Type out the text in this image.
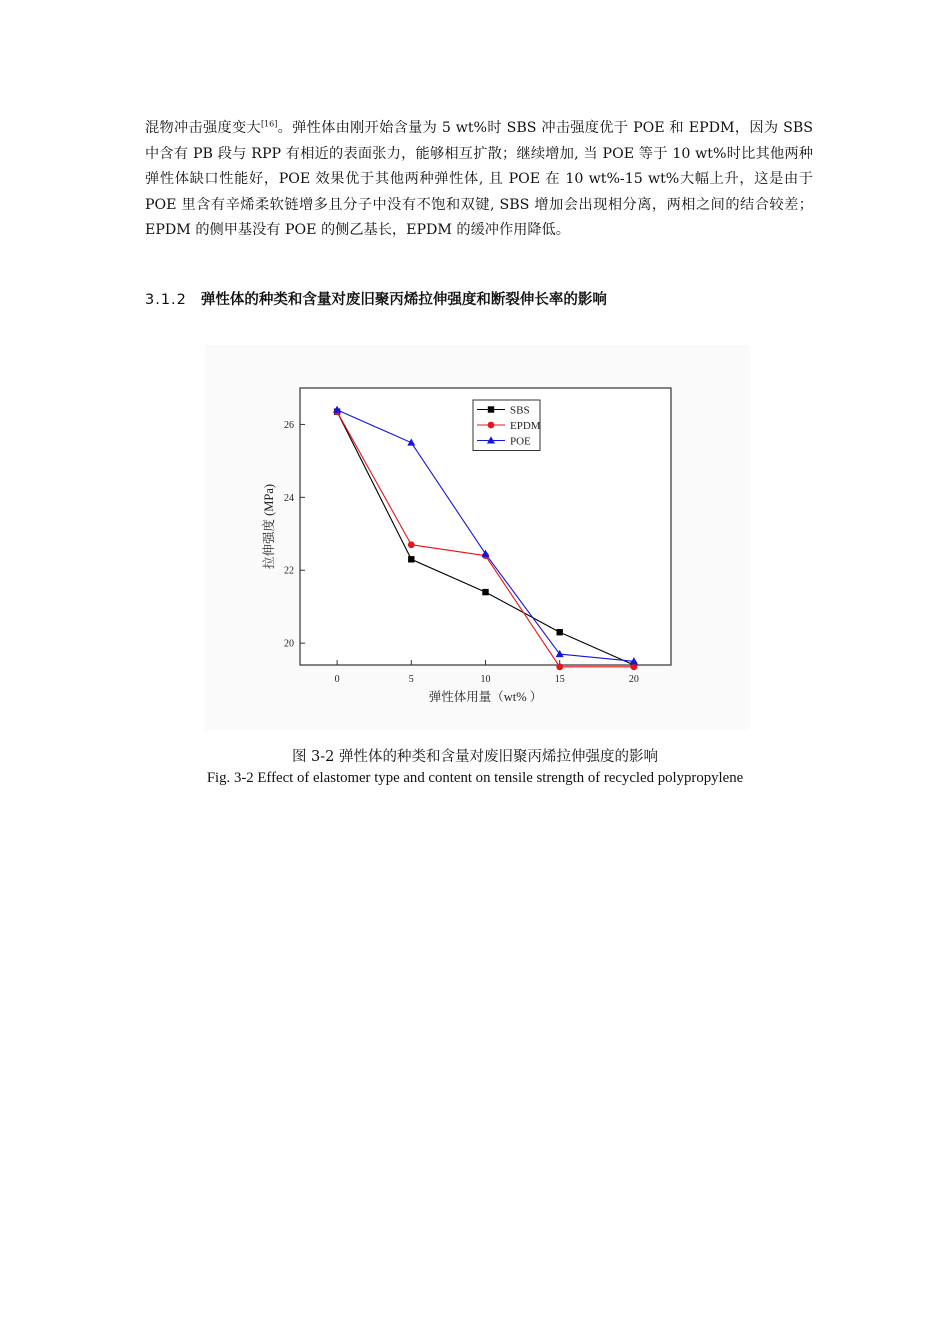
混物冲击强度变大[16]。弹性体由刚开始含量为 5 wt%时 SBS 冲击强度优于 POE 和 EPDM，因为 SBS 中含有 PB 段与 RPP 有相近的表面张力，能够相互扩散；继续增加, 当 POE 等于 10 wt%时比其他两种弹性体缺口性能好，POE 效果优于其他两种弹性体, 且 POE 在 10 wt%-15 wt%大幅上升，这是由于 POE 里含有辛烯柔软链增多且分子中没有不饱和双键, SBS 增加会出现相分离，两相之间的结合较差；EPDM 的侧甲基没有 POE 的侧乙基长，EPDM 的缓冲作用降低。

3.1.2 弹性体的种类和含量对废旧聚丙烯拉伸强度和断裂伸长率的影响
0	5	10	15	20
20
22
24
26
弹性体用量（wt% ）
拉伸强度 (MPa)
SBS
EPDM
POE
图 3-2 弹性体的种类和含量对废旧聚丙烯拉伸强度的影响
Fig. 3-2 Effect of elastomer type and content on tensile strength of recycled polypropylene
